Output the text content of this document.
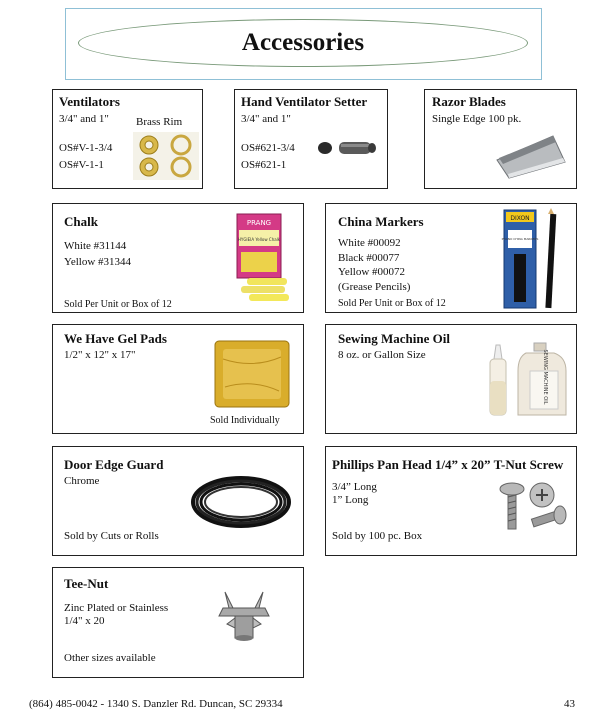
Accessories
Ventilators
3/4" and 1" Brass Rim
OS#V-1-3/4
OS#V-1-1
Hand Ventilator Setter
3/4" and 1"
OS#621-3/4
OS#621-1
Razor Blades
Single Edge 100 pk.
Chalk
White #31144
Yellow #31344
Sold Per Unit or Box of 12
PRANG
HYGIEIA Yellow Chalk
China Markers
White #00092
Black #00077
Yellow #00072
(Grease Pencils)
Sold Per Unit or Box of 12
DIXON
PHANO CHINA MARKERS
We Have Gel Pads
1/2" x 12" x 17"
Sold Individually
Sewing Machine Oil
8 oz. or Gallon Size	SEWING MACHINE OIL
Door Edge Guard
Chrome
Sold by Cuts or Rolls
Phillips Pan Head 1/4” x 20” T-Nut Screw
3/4” Long
1” Long
Sold by 100 pc. Box
Tee-Nut
Zinc Plated or Stainless
1/4" x 20
Other sizes available
(864) 485-0042 - 1340 S. Danzler Rd. Duncan, SC 29334	43
